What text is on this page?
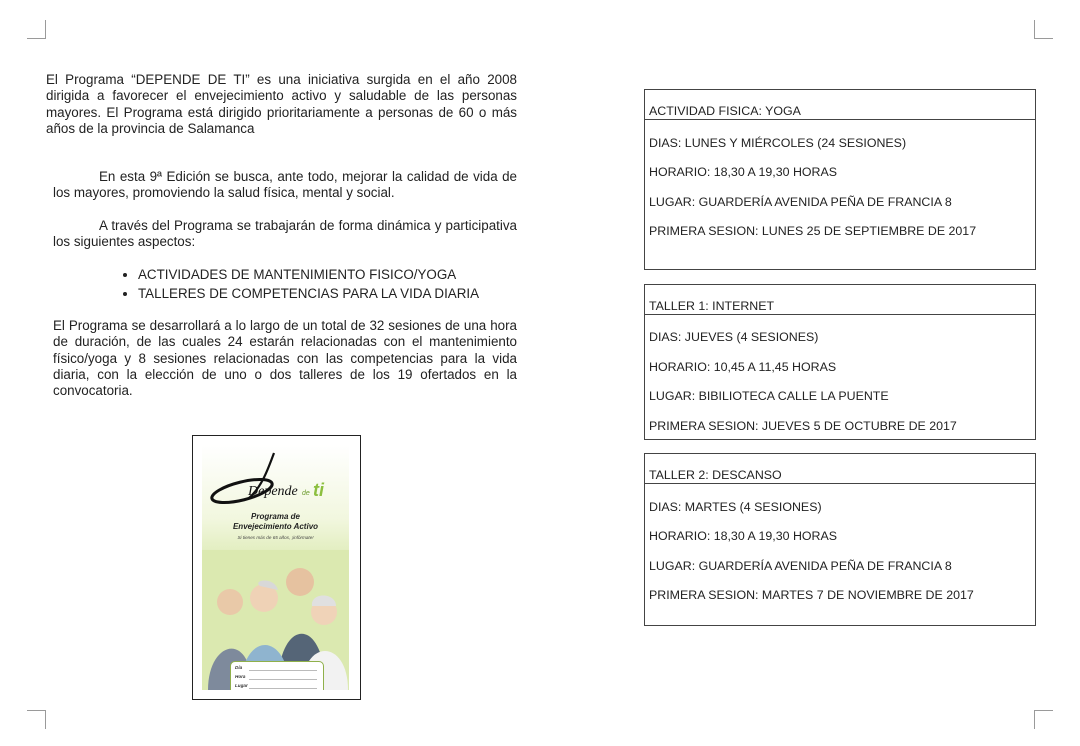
El Programa “DEPENDE DE TI” es una iniciativa surgida en el año 2008 dirigida a favorecer el envejecimiento activo y saludable de las personas mayores. El Programa está dirigido prioritariamente a personas de 60 o más años de la provincia de Salamanca

En esta 9ª Edición se busca, ante todo, mejorar la calidad de vida de los mayores, promoviendo la salud física, mental y social.

A través del Programa se trabajarán de forma dinámica y participativa los siguientes aspectos:

• ACTIVIDADES DE MANTENIMIENTO FISICO/YOGA
• TALLERES DE COMPETENCIAS PARA LA VIDA DIARIA

El Programa se desarrollará a lo largo de un total de 32 sesiones de una hora de duración, de las cuales 24 estarán relacionadas con el mantenimiento físico/yoga y 8 sesiones relacionadas con las competencias para la vida diaria, con la elección de uno o dos talleres de los 19 ofertados en la convocatoria.

Depende de ti
Programa de
Envejecimiento Activo
Si tienes más de 65 años, ¡infórmate!
Día
Hora
Lugar
ACTIVIDAD FISICA: YOGA
DIAS: LUNES Y MIÉRCOLES (24 SESIONES)
HORARIO: 18,30 A 19,30 HORAS
LUGAR: GUARDERÍA AVENIDA PEÑA DE FRANCIA 8
PRIMERA SESION: LUNES 25 DE SEPTIEMBRE DE 2017
TALLER 1: INTERNET
DIAS: JUEVES (4 SESIONES)
HORARIO: 10,45 A 11,45 HORAS
LUGAR: BIBILIOTECA CALLE LA PUENTE
PRIMERA SESION: JUEVES 5 DE OCTUBRE DE 2017
TALLER 2: DESCANSO
DIAS: MARTES (4 SESIONES)
HORARIO: 18,30 A 19,30 HORAS
LUGAR: GUARDERÍA AVENIDA PEÑA DE FRANCIA 8
PRIMERA SESION: MARTES 7 DE NOVIEMBRE DE 2017
